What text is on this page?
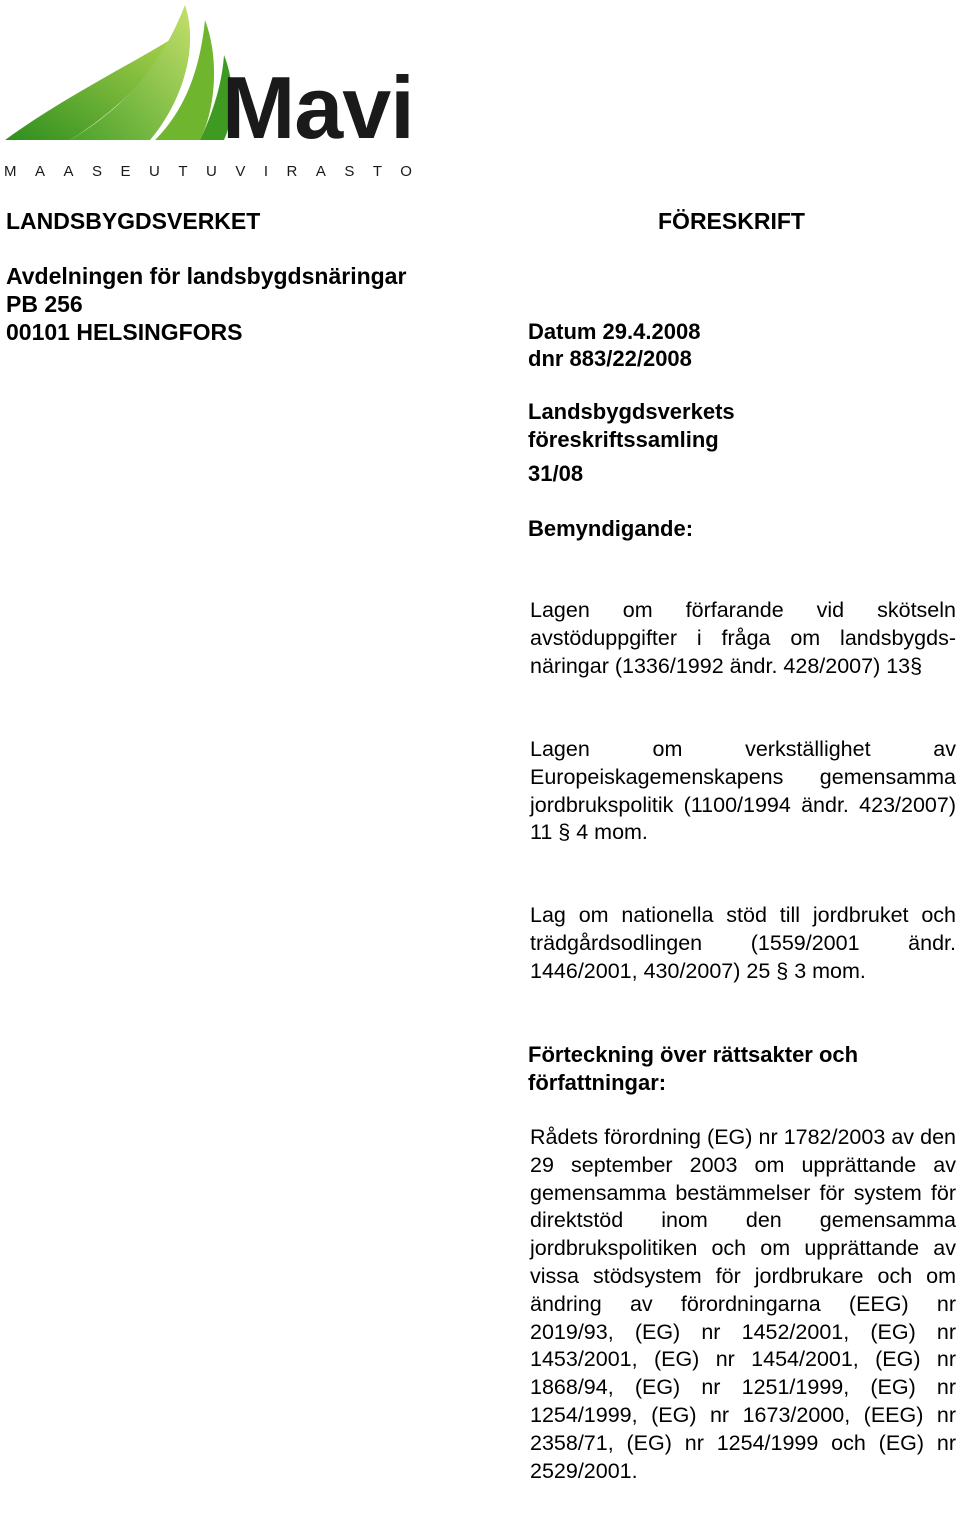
Mavi
MAASEUTUVIRASTO
LANDSBYGDSVERKET	FÖRESKRIFT
Avdelningen för landsbygdsnäringar
PB 256
00101 HELSINGFORS	Datum 29.4.2008
dnr 883/22/2008
Landsbygdsverkets
föreskriftssamling
31/08
Bemyndigande:
Lagen om förfarande vid skötseln avstöduppgifter i fråga om landsbygds-näringar (1336/1992 ändr. 428/2007) 13§
Lagen om verkställighet av Europeiskagemenskapens gemensamma jordbrukspolitik (1100/1994 ändr. 423/2007) 11 § 4 mom.
Lag om nationella stöd till jordbruket och trädgårdsodlingen (1559/2001 ändr. 1446/2001, 430/2007) 25 § 3 mom.
Förteckning över rättsakter och
författningar:
Rådets förordning (EG) nr 1782/2003 av den 29 september 2003 om upprättande av gemensamma bestämmelser för system för direktstöd inom den gemensamma jordbrukspolitiken och om upprättande av vissa stödsystem för jordbrukare och om ändring av förordningarna (EEG) nr 2019/93, (EG) nr 1452/2001, (EG) nr 1453/2001, (EG) nr 1454/2001, (EG) nr 1868/94, (EG) nr 1251/1999, (EG) nr 1254/1999, (EG) nr 1673/2000, (EEG) nr 2358/71, (EG) nr 1254/1999 och (EG) nr 2529/2001.
